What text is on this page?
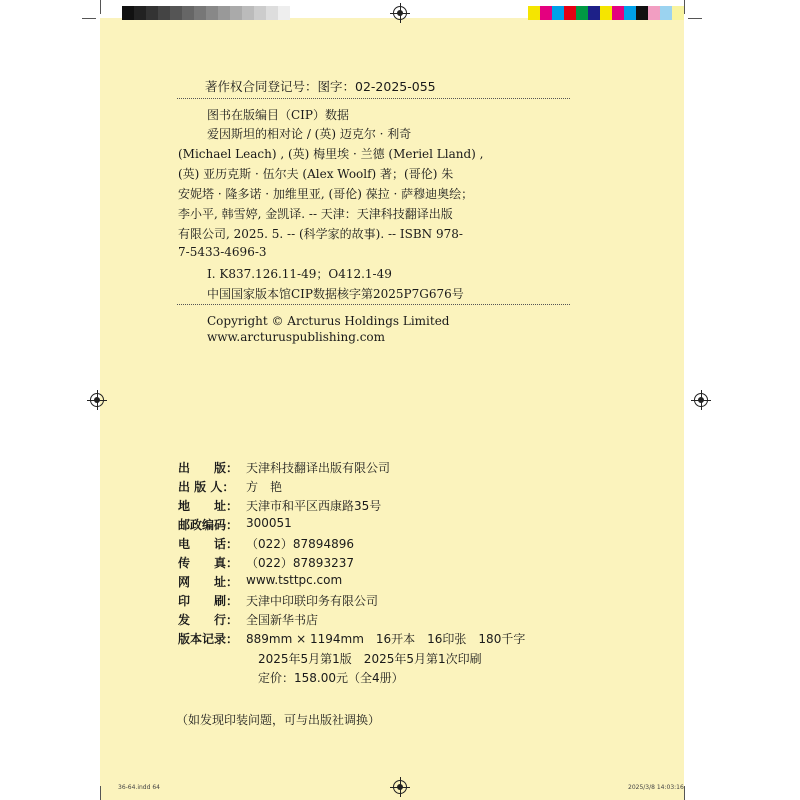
著作权合同登记号：图字：02-2025-055
图书在版编目（CIP）数据
爱因斯坦的相对论 / (英) 迈克尔 · 利奇
(Michael Leach) , (英) 梅里埃 · 兰德 (Meriel Lland) ,
(英) 亚历克斯 · 伍尔夫 (Alex Woolf) 著；(哥伦) 朱
安妮塔 · 隆多诺 · 加维里亚, (哥伦) 葆拉 · 萨穆迪奥绘；
李小平, 韩雪婷, 金凯译. -- 天津：天津科技翻译出版
有限公司, 2025. 5. -- (科学家的故事). -- ISBN 978-
7-5433-4696-3
Ⅰ. K837.126.11-49；O412.1-49
中国国家版本馆CIP数据核字第2025P7G676号
Copyright © Arcturus Holdings Limited
www.arcturuspublishing.com
出　　版： 天津科技翻译出版有限公司
出 版 人： 方　艳
地　　址： 天津市和平区西康路35号
邮政编码： 300051
电　　话： （022）87894896
传　　真： （022）87893237
网　　址： www.tsttpc.com
印　　刷： 天津中印联印务有限公司
发　　行： 全国新华书店
版本记录： 889mm × 1194mm　16开本　16印张　180千字
2025年5月第1版　2025年5月第1次印刷
定价：158.00元（全4册）
（如发现印装问题，可与出版社调换）
36-64.indd 64	2025/3/8 14:03:16
